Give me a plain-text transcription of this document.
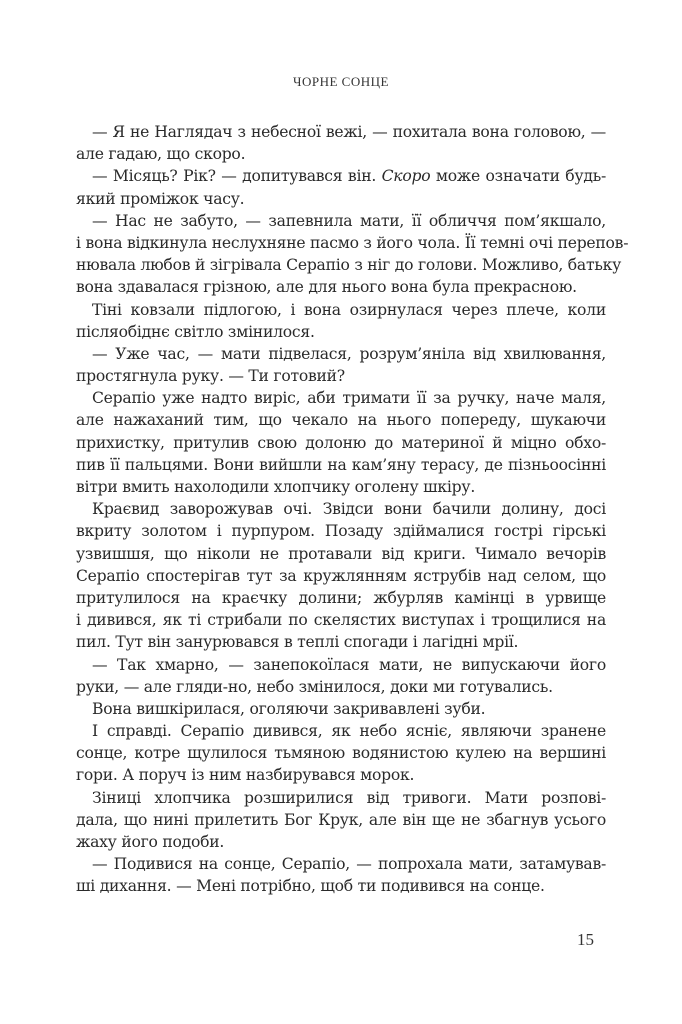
ЧОРНЕ СОНЦЕ
— Я не Наглядач з небесної вежі, — похитала вона головою, —
але гадаю, що скоро.
— Місяць? Рік? — допитувався він. Скоро може означати будь-
який проміжок часу.
— Нас не забуто, — запевнила мати, її обличчя пом’якшало,
і вона відкинула неслухняне пасмо з його чола. Її темні очі перепов-
нювала любов й зігрівала Серапіо з ніг до голови. Можливо, батьку
вона здавалася грізною, але для нього вона була прекрасною.
Тіні ковзали підлогою, і вона озирнулася через плече, коли
післяобіднє світло змінилося.
— Уже час, — мати підвелася, розрум’яніла від хвилювання,
простягнула руку. — Ти готовий?
Серапіо уже надто виріс, аби тримати її за ручку, наче маля,
але нажаханий тим, що чекало на нього попереду, шукаючи
прихистку, притулив свою долоню до материної й міцно обхо-
пив її пальцями. Вони вийшли на кам’яну терасу, де пізньоосінні
вітри вмить нахолодили хлопчику оголену шкіру.
Краєвид заворожував очі. Звідси вони бачили долину, досі
вкриту золотом і пурпуром. Позаду здіймалися гострі гірські
узвишшя, що ніколи не протавали від криги. Чимало вечорів
Серапіо спостерігав тут за кружлянням яструбів над селом, що
притулилося на краєчку долини; жбурляв камінці в урвище
і дивився, як ті стрибали по скелястих виступах і трощилися на
пил. Тут він занурювався в теплі спогади і лагідні мрії.
— Так хмарно, — занепокоїлася мати, не випускаючи його
руки, — але гляди-но, небо змінилося, доки ми готувались.
Вона вишкірилася, оголяючи закривавлені зуби.
І справді. Серапіо дивився, як небо ясніє, являючи зранене
сонце, котре щулилося тьмяною водянистою кулею на вершині
гори. А поруч із ним назбирувався морок.
Зіниці хлопчика розширилися від тривоги. Мати розпові-
дала, що нині прилетить Бог Крук, але він ще не збагнув усього
жаху його подоби.
— Подивися на сонце, Серапіо, — попрохала мати, затамував-
ші дихання. — Мені потрібно, щоб ти подивився на сонце.
15
